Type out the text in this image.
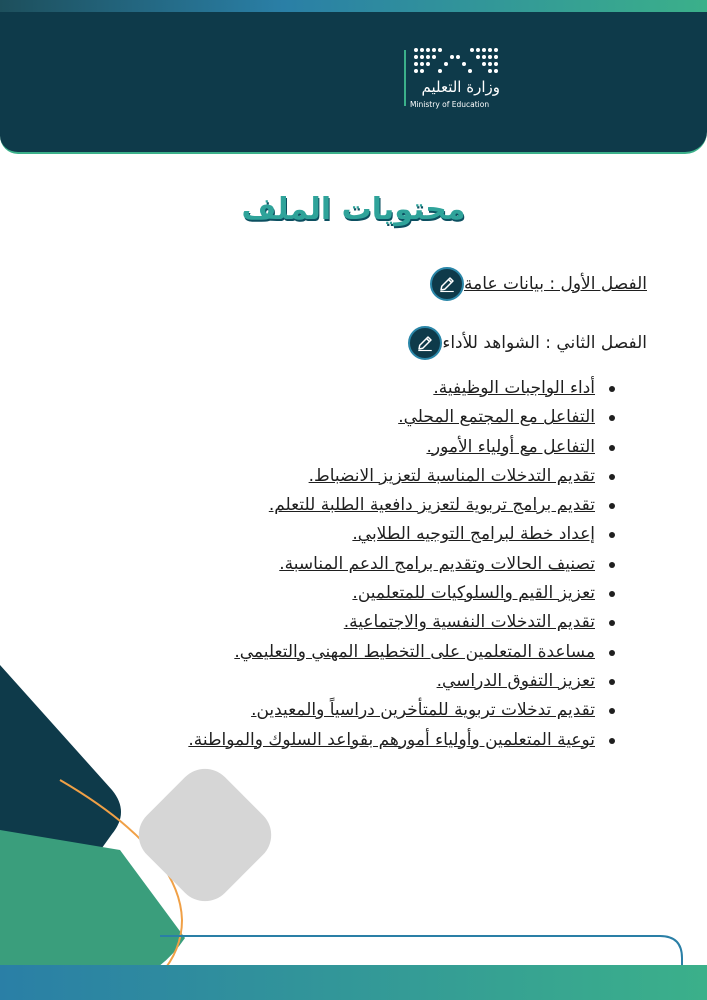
وزارة التعليم
Ministry of Education
محتويات الملف
الفصل الأول : بيانات عامة
الفصل الثاني : الشواهد للأداء
أداء الواجبات الوظيفية.
التفاعل مع المجتمع المحلي.
التفاعل مع أولياء الأمور.
تقديم التدخلات المناسبة لتعزيز الانضباط.
تقديم برامج تربوية لتعزيز دافعية الطلبة للتعلم.
إعداد خطة لبرامج التوجيه الطلابي.
تصنيف الحالات وتقديم برامج الدعم المناسبة.
تعزيز القيم والسلوكيات للمتعلمين.
تقديم التدخلات النفسية والاجتماعية.
مساعدة المتعلمين على التخطيط المهني والتعليمي.
تعزيز التفوق الدراسي.
تقديم تدخلات تربوية للمتأخرين دراسياً والمعيدين.
توعية المتعلمين وأولياء أمورهم بقواعد السلوك والمواطنة.
